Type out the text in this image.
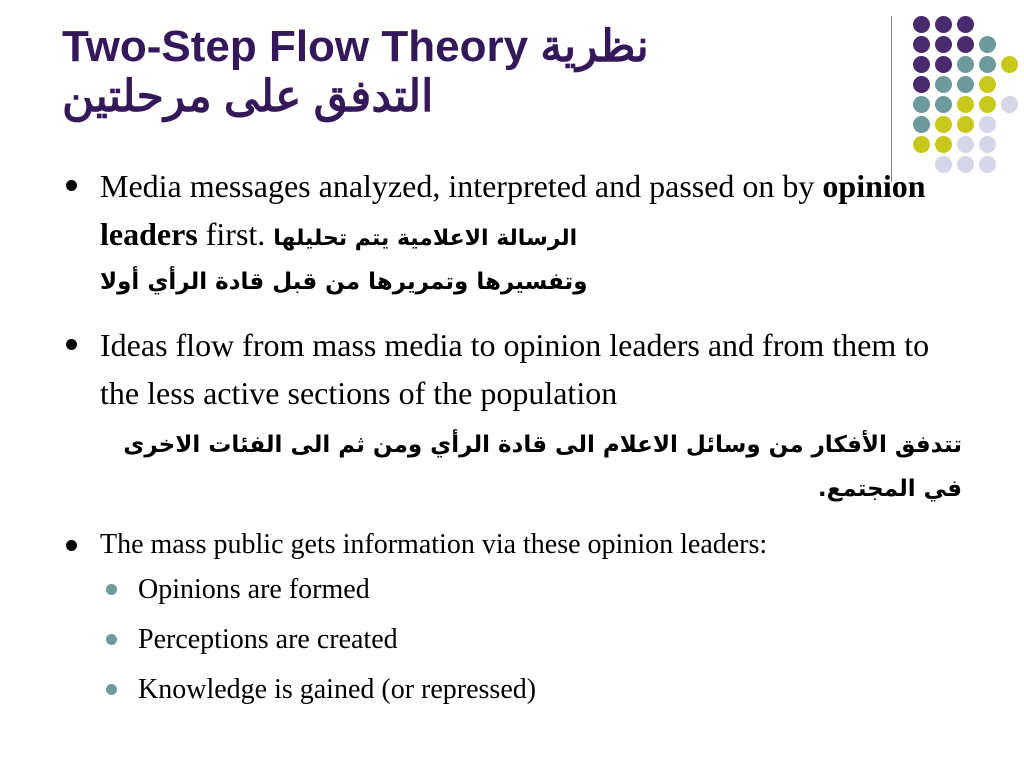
Two-Step Flow Theory نظرية
التدفق على مرحلتين
Media messages analyzed, interpreted and passed on by opinion leaders first. الرسالة الاعلامية يتم تحليلها
وتفسيرها وتمريرها من قبل قادة الرأي أولا
Ideas flow from mass media to opinion leaders and from them to the less active sections of the population
تتدفق الأفكار من وسائل الاعلام الى قادة الرأي ومن ثم الى الفئات الاخرى في المجتمع.
The mass public gets information via these opinion leaders:
Opinions are formed
Perceptions are created
Knowledge is gained (or repressed)
